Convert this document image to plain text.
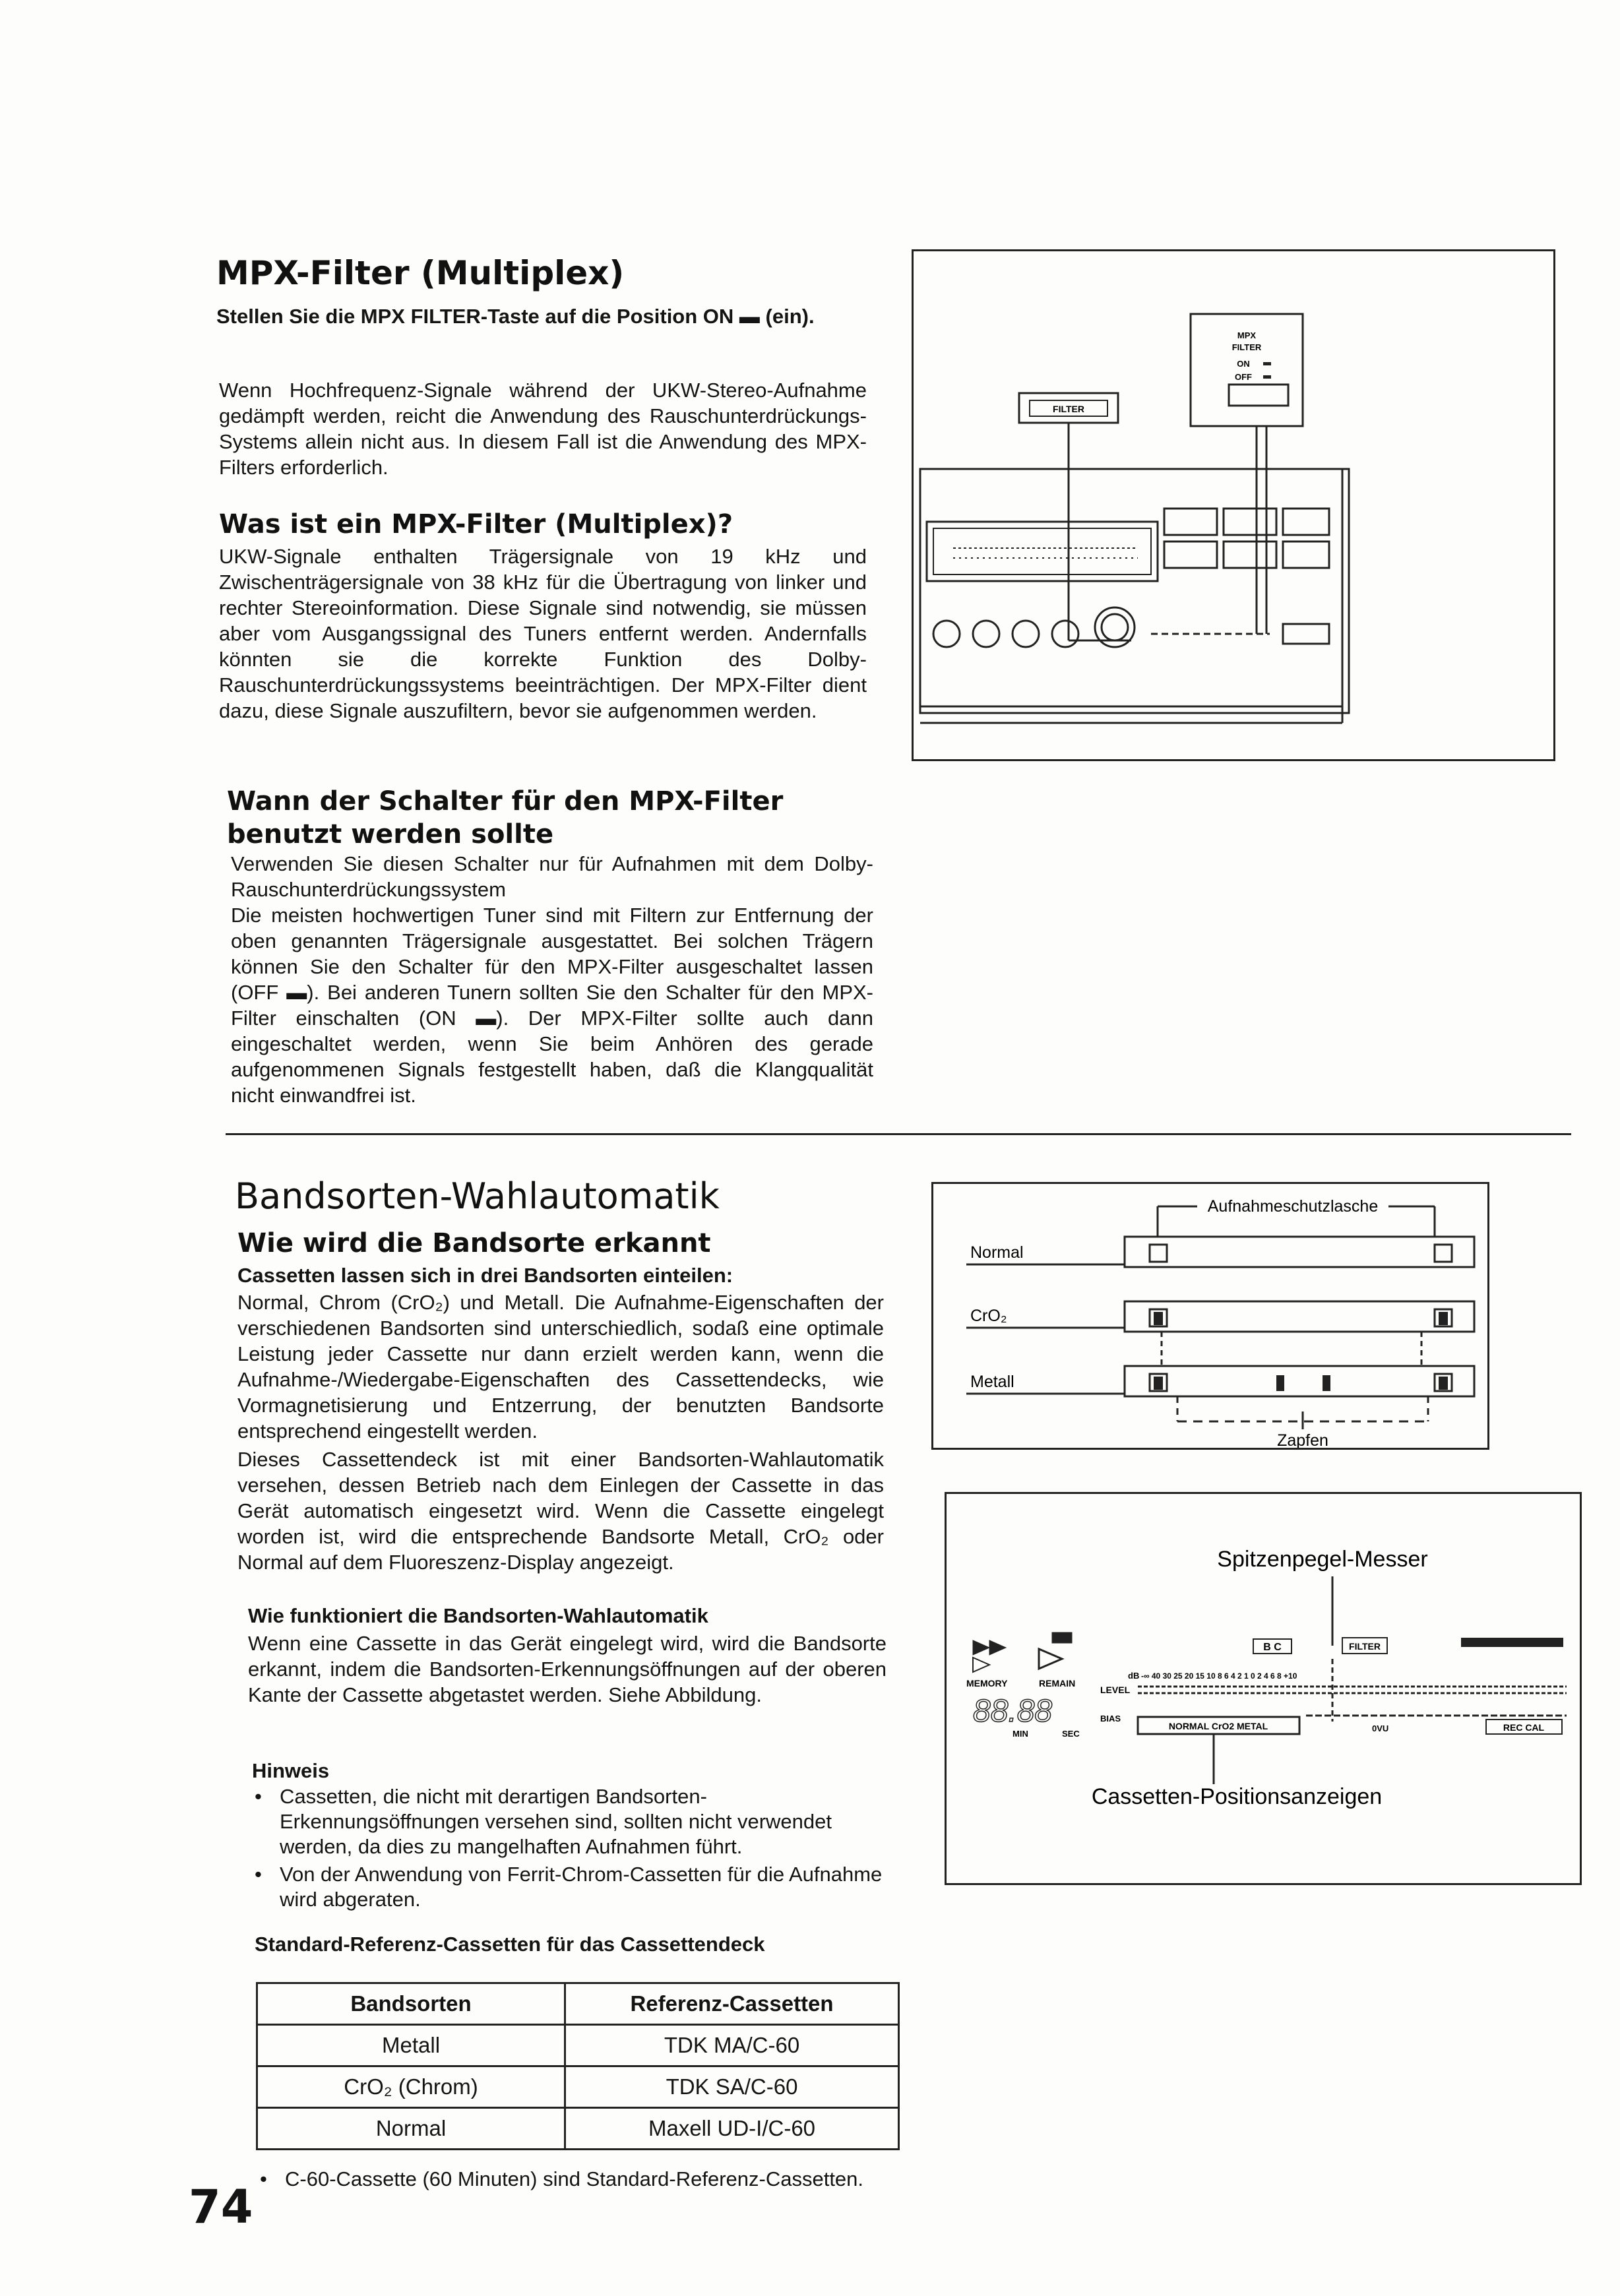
MPX-Filter (Multiplex)

Stellen Sie die MPX FILTER-Taste auf die Position ON ▬ (ein).

Wenn Hochfrequenz-Signale während der UKW-Stereo-Aufnahme gedämpft werden, reicht die Anwendung des Rauschunterdrückungs-Systems allein nicht aus. In diesem Fall ist die Anwendung des MPX-Filters erforderlich.

Was ist ein MPX-Filter (Multiplex)?

UKW-Signale enthalten Trägersignale von 19 kHz und Zwischenträgersignale von 38 kHz für die Übertragung von linker und rechter Stereoinformation. Diese Signale sind notwendig, sie müssen aber vom Ausgangssignal des Tuners entfernt werden. Andernfalls könnten sie die korrekte Funktion des Dolby-Rauschunterdrückungssystems beeinträchtigen. Der MPX-Filter dient dazu, diese Signale auszufiltern, bevor sie aufgenommen werden.

Wann der Schalter für den MPX-Filter benutzt werden sollte

Verwenden Sie diesen Schalter nur für Aufnahmen mit dem Dolby-Rauschunterdrückungssystem

Die meisten hochwertigen Tuner sind mit Filtern zur Entfernung der oben genannten Trägersignale ausgestattet. Bei solchen Trägern können Sie den Schalter für den MPX-Filter ausgeschaltet lassen (OFF ▬). Bei anderen Tunern sollten Sie den Schalter für den MPX-Filter einschalten (ON ▬). Der MPX-Filter sollte auch dann eingeschaltet werden, wenn Sie beim Anhören des gerade aufgenommenen Signals festgestellt haben, daß die Klangqualität nicht einwandfrei ist.

FILTER
MPX
FILTER
ON
OFF
Bandsorten-Wahlautomatik
Wie wird die Bandsorte erkannt

Cassetten lassen sich in drei Bandsorten einteilen:

Normal, Chrom (CrO₂) und Metall. Die Aufnahme-Eigenschaften der verschiedenen Bandsorten sind unterschiedlich, sodaß eine optimale Leistung jeder Cassette nur dann erzielt werden kann, wenn die Aufnahme-/Wiedergabe-Eigenschaften des Cassettendecks, wie Vormagnetisierung und Entzerrung, der benutzten Bandsorte entsprechend eingestellt werden.

Dieses Cassettendeck ist mit einer Bandsorten-Wahlautomatik versehen, dessen Betrieb nach dem Einlegen der Cassette in das Gerät automatisch eingesetzt wird. Wenn die Cassette eingelegt worden ist, wird die entsprechende Bandsorte Metall, CrO₂ oder Normal auf dem Fluoreszenz-Display angezeigt.

Wie funktioniert die Bandsorten-Wahlautomatik

Wenn eine Cassette in das Gerät eingelegt wird, wird die Bandsorte erkannt, indem die Bandsorten-Erkennungsöffnungen auf der oberen Kante der Cassette abgetastet werden. Siehe Abbildung.

Hinweis

• Cassetten, die nicht mit derartigen Bandsorten-Erkennungsöffnungen versehen sind, sollten nicht verwendet werden, da dies zu mangelhaften Aufnahmen führt.
• Von der Anwendung von Ferrit-Chrom-Cassetten für die Aufnahme wird abgeraten.

Standard-Referenz-Cassetten für das Cassettendeck

Bandsorten	Referenz-Cassetten
Metall	TDK MA/C-60
CrO₂ (Chrom)	TDK SA/C-60
Normal	Maxell UD-I/C-60
• C-60-Cassette (60 Minuten) sind Standard-Referenz-Cassetten.
74
Aufnahmeschutzlasche
Normal
CrO₂
Metall
Zapfen
Spitzenpegel-Messer
MEMORY	REMAIN
88.88
MIN	SEC
B C	FILTER
dB
LEVEL
-∞ 40 30 25 20 15 10 8 6 4 2 1 0 2 4 6 8 +10
BIAS
NORMAL CrO2 METAL	0VU	REC CAL
Cassetten-Positionsanzeigen
